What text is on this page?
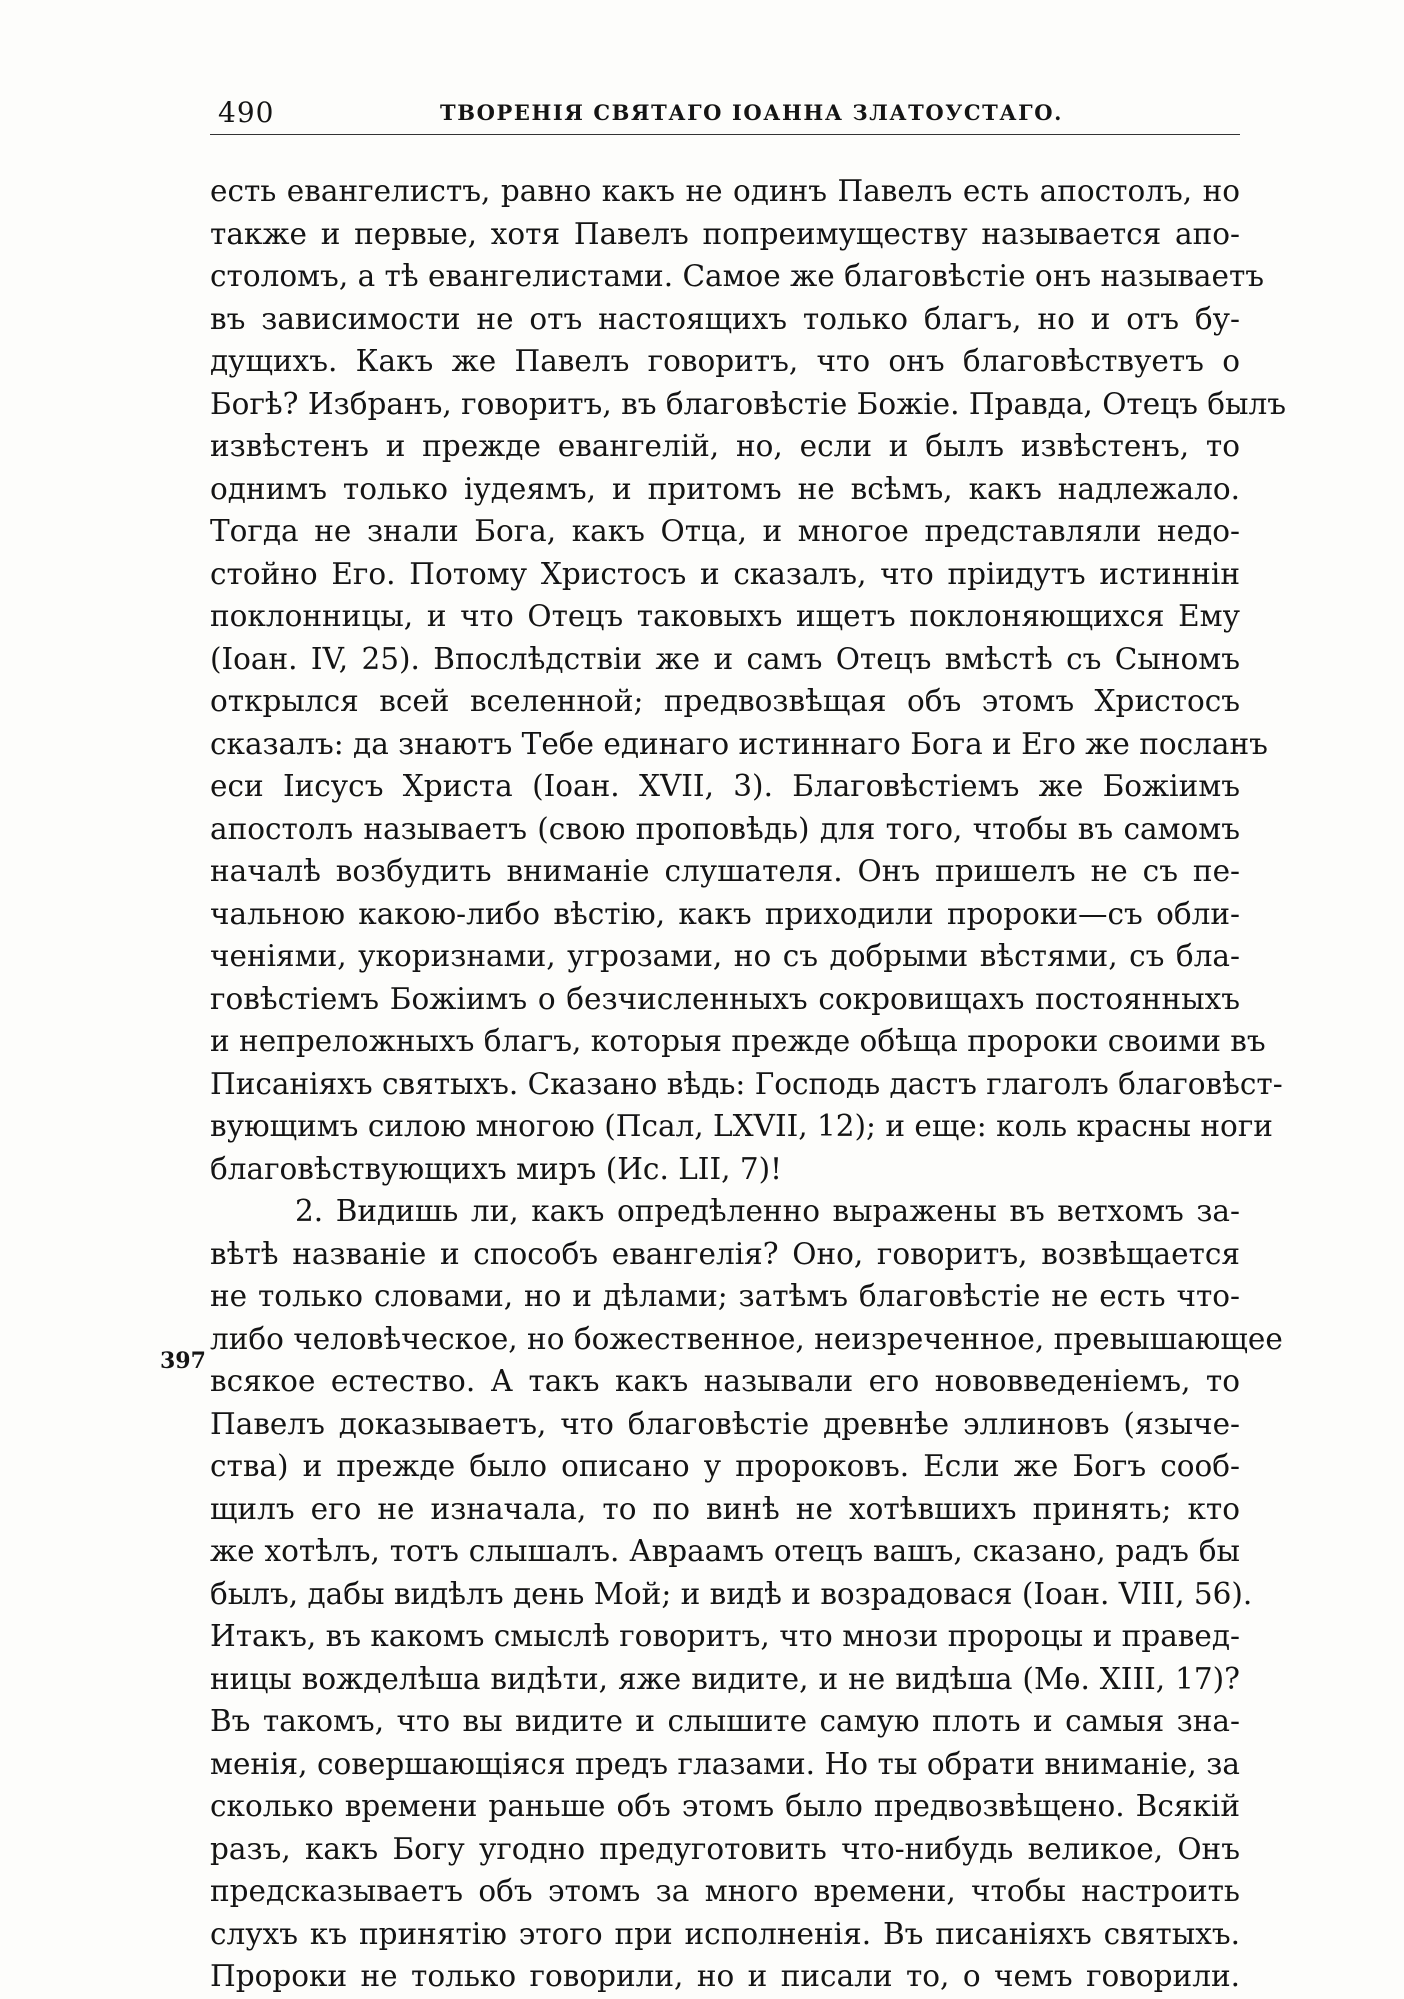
490	ТВОРЕНІЯ СВЯТАГО ІОАННА ЗЛАТОУСТАГО.
397
есть евангелистъ, равно какъ не одинъ Павелъ есть апостолъ, но
также и первые, хотя Павелъ попреимуществу называется апо-
столомъ, а тѣ евангелистами. Самое же благовѣстіе онъ называетъ
въ зависимости не отъ настоящихъ только благъ, но и отъ бу-
дущихъ. Какъ же Павелъ говоритъ, что онъ благовѣствуетъ о
Богѣ? Избранъ, говоритъ, въ благовѣстіе Божіе. Правда, Отецъ былъ
извѣстенъ и прежде евангелій, но, если и былъ извѣстенъ, то
однимъ только іудеямъ, и притомъ не всѣмъ, какъ надлежало.
Тогда не знали Бога, какъ Отца, и многое представляли недо-
стойно Его. Потому Христосъ и сказалъ, что пріидутъ истиннін
поклонницы, и что Отецъ таковыхъ ищетъ поклоняющихся Ему
(Іоан. IV, 25). Впослѣдствіи же и самъ Отецъ вмѣстѣ съ Сыномъ
открылся всей вселенной; предвозвѣщая объ этомъ Христосъ
сказалъ: да знаютъ Тебе единаго истиннаго Бога и Его же посланъ
еси Іисусъ Христа (Іоан. XVII, 3). Благовѣстіемъ же Божіимъ
апостолъ называетъ (свою проповѣдь) для того, чтобы въ самомъ
началѣ возбудить вниманіе слушателя. Онъ пришелъ не съ пе-
чальною какою-либо вѣстію, какъ приходили пророки—съ обли-
ченіями, укоризнами, угрозами, но съ добрыми вѣстями, съ бла-
говѣстіемъ Божіимъ о безчисленныхъ сокровищахъ постоянныхъ
и непреложныхъ благъ, которыя прежде обѣща пророки своими въ
Писаніяхъ святыхъ. Сказано вѣдь: Господь дастъ глаголъ благовѣст-
вующимъ силою многою (Псал, LXVII, 12); и еще: коль красны ноги
благовѣствующихъ миръ (Ис. LII, 7)!
2. Видишь ли, какъ опредѣленно выражены въ ветхомъ за-
вѣтѣ названіе и способъ евангелія? Оно, говоритъ, возвѣщается
не только словами, но и дѣлами; затѣмъ благовѣстіе не есть что-
либо человѣческое, но божественное, неизреченное, превышающее
всякое естество. А такъ какъ называли его нововведеніемъ, то
Павелъ доказываетъ, что благовѣстіе древнѣе эллиновъ (языче-
ства) и прежде было описано у пророковъ. Если же Богъ сооб-
щилъ его не изначала, то по винѣ не хотѣвшихъ принять; кто
же хотѣлъ, тотъ слышалъ. Авраамъ отецъ вашъ, сказано, радъ бы
былъ, дабы видѣлъ день Мой; и видѣ и возрадовася (Іоан. VIII, 56).
Итакъ, въ какомъ смыслѣ говоритъ, что мнози пророцы и правед-
ницы вожделѣша видѣти, яже видите, и не видѣша (Мѳ. XIII, 17)?
Въ такомъ, что вы видите и слышите самую плоть и самыя зна-
менія, совершающіяся предъ глазами. Но ты обрати вниманіе, за
сколько времени раньше объ этомъ было предвозвѣщено. Всякій
разъ, какъ Богу угодно предуготовить что-нибудь великое, Онъ
предсказываетъ объ этомъ за много времени, чтобы настроить
слухъ къ принятію этого при исполненія. Въ писаніяхъ святыхъ.
Пророки не только говорили, но и писали то, о чемъ говорили.
